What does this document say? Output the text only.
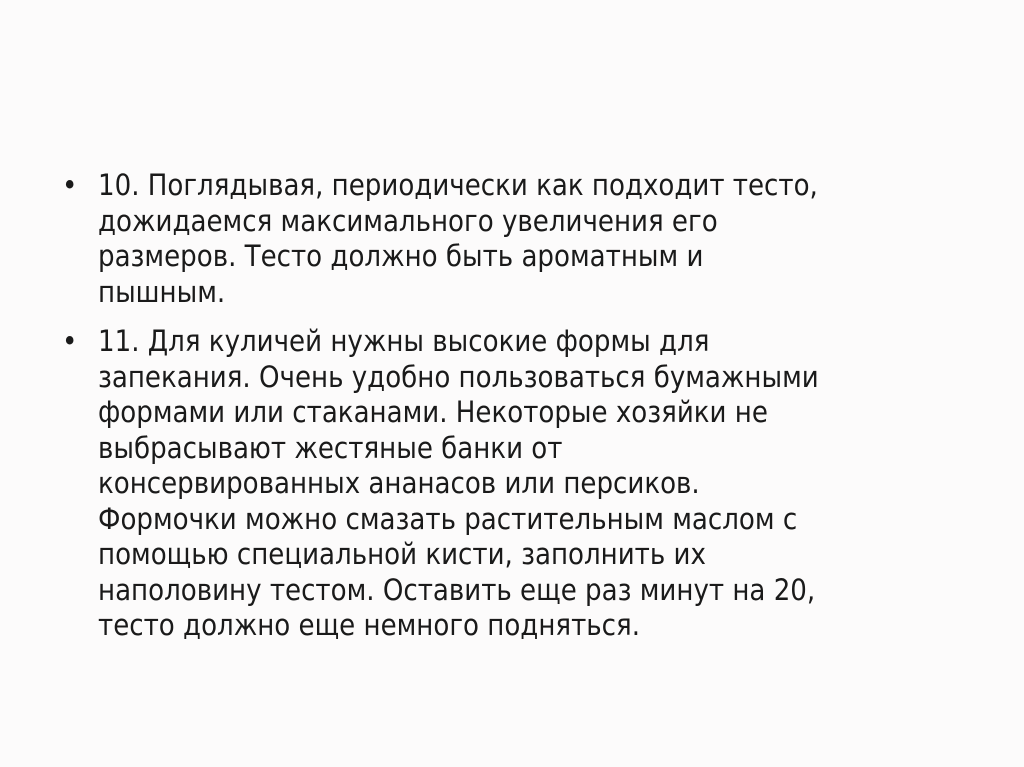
• 10. Поглядывая, периодически как подходит тесто,
дожидаемся максимального увеличения его
размеров. Тесто должно быть ароматным и
пышным.
• 11. Для куличей нужны высокие формы для
запекания. Очень удобно пользоваться бумажными
формами или стаканами. Некоторые хозяйки не
выбрасывают жестяные банки от
консервированных ананасов или персиков.
Формочки можно смазать растительным маслом с
помощью специальной кисти, заполнить их
наполовину тестом. Оставить еще раз минут на 20,
тесто должно еще немного подняться.
